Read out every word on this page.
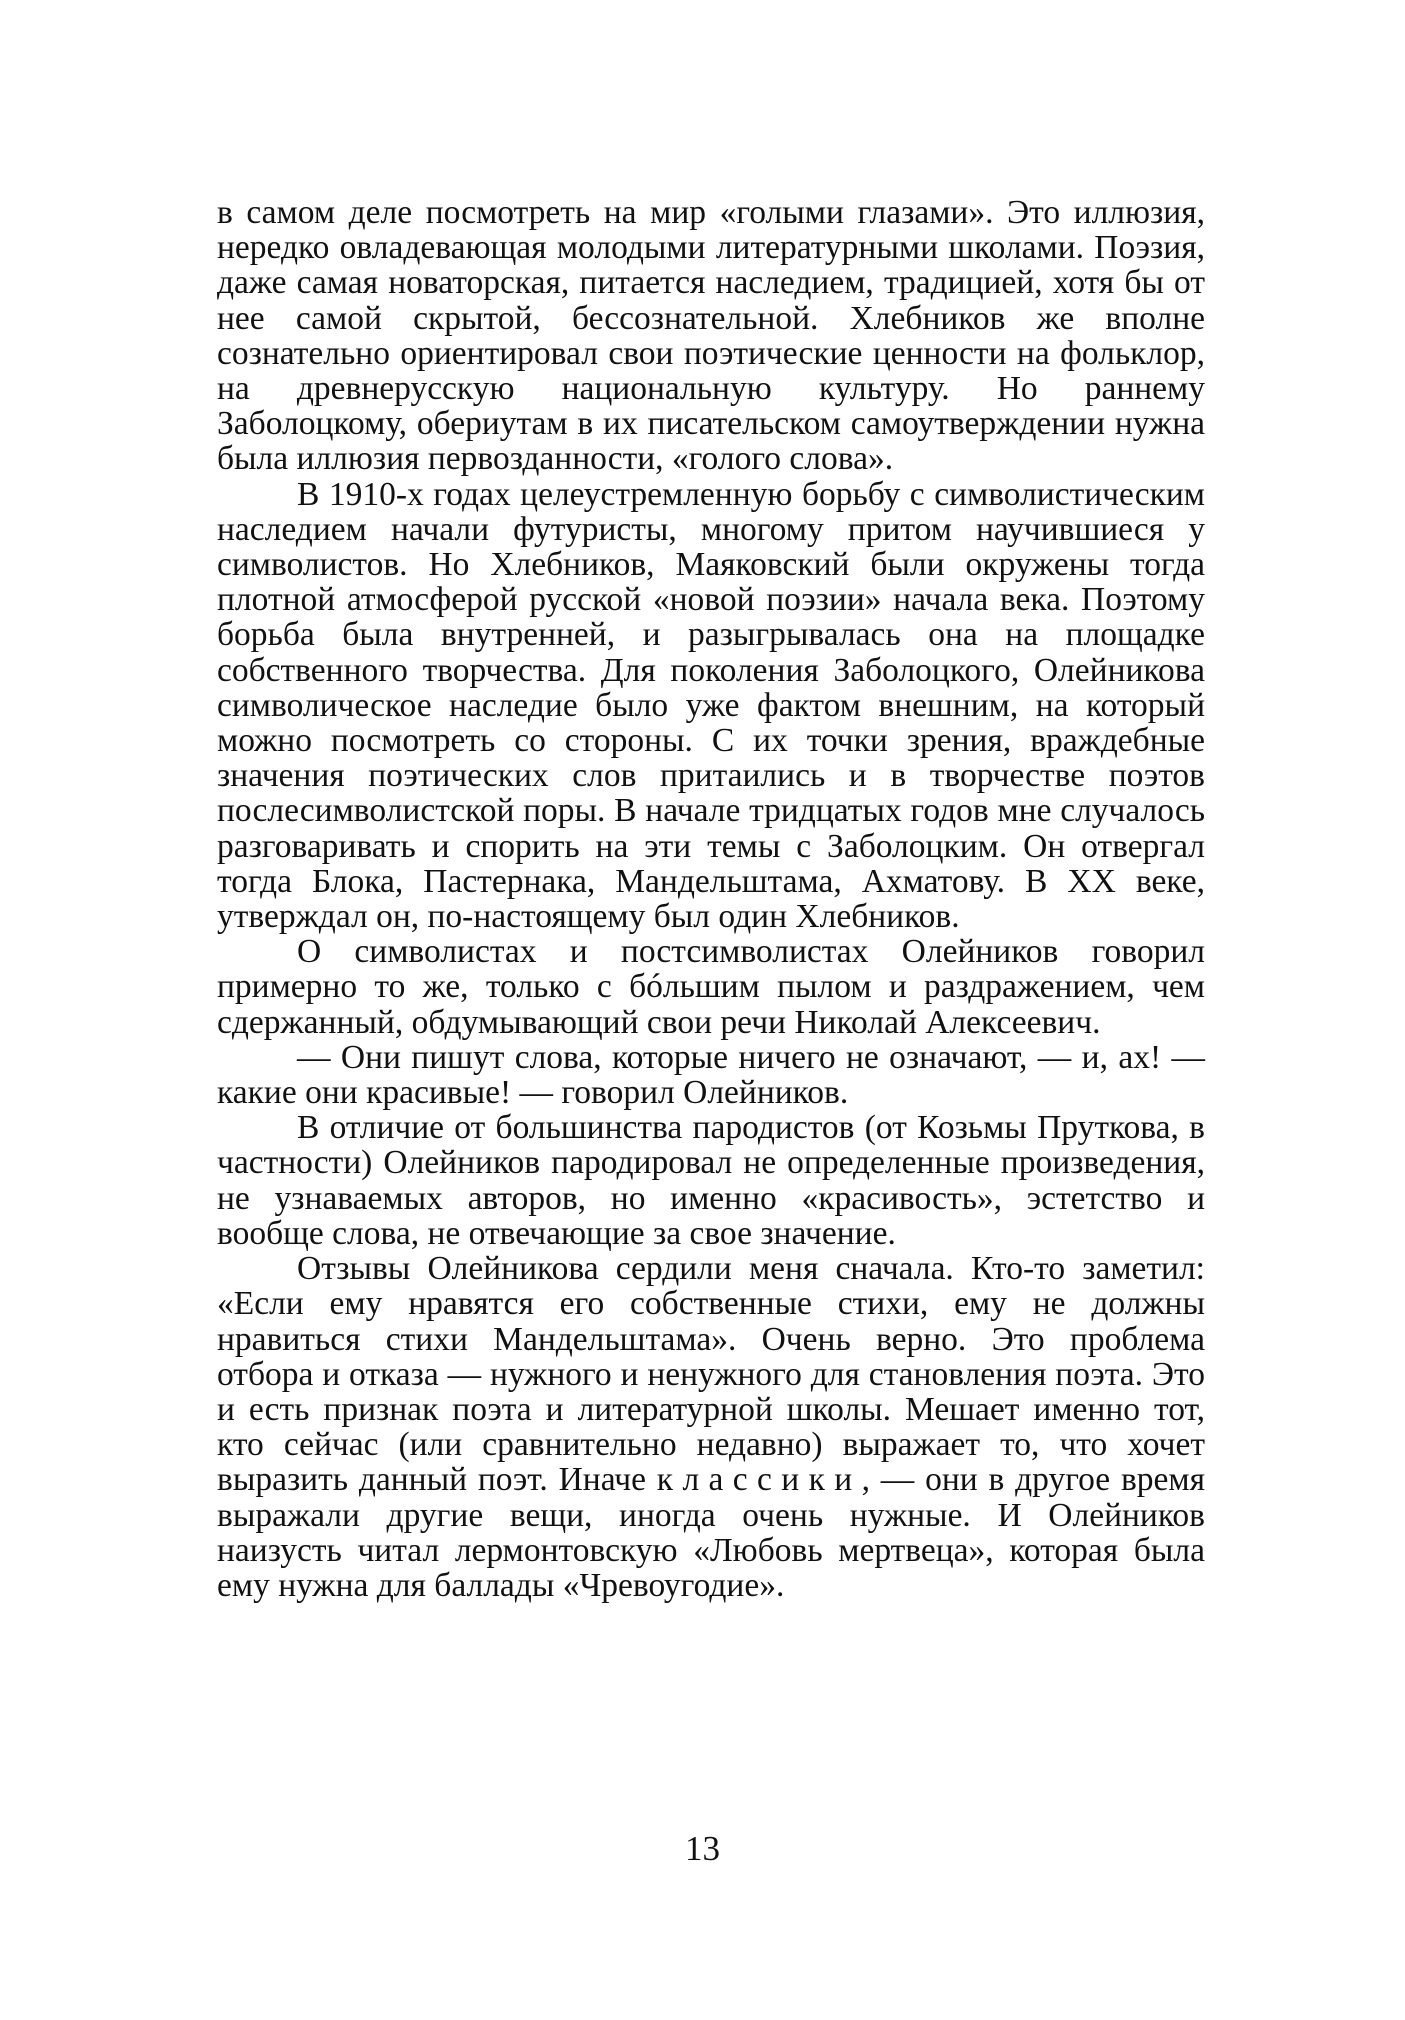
в самом деле посмотреть на мир «голыми глазами». Это иллюзия, нередко овладевающая молодыми литературными школами. Поэзия, даже самая новаторская, питается наследием, традицией, хотя бы от нее самой скрытой, бессознательной. Хлебников же вполне сознательно ориентировал свои поэтические ценности на фольклор, на древнерусскую национальную культуру. Но раннему Заболоцкому, обериутам в их писательском самоутверждении нужна была иллюзия первозданности, «голого слова».

В 1910-х годах целеустремленную борьбу с символистическим наследием начали футуристы, многому притом научившиеся у символистов. Но Хлебников, Маяковский были окружены тогда плотной атмосферой русской «новой поэзии» начала века. Поэтому борьба была внутренней, и разыгрывалась она на площадке собственного творчества. Для поколения Заболоцкого, Олейникова символическое наследие было уже фактом внешним, на который можно посмотреть со стороны. С их точки зрения, враждебные значения поэтических слов притаились и в творчестве поэтов послесимволистской поры. В начале тридцатых годов мне случалось разговаривать и спорить на эти темы с Заболоцким. Он отвергал тогда Блока, Пастернака, Мандельштама, Ахматову. В XX веке, утверждал он, по-настоящему был один Хлебников.

О символистах и постсимволистах Олейников говорил примерно то же, только с бóльшим пылом и раздражением, чем сдержанный, обдумывающий свои речи Николай Алексеевич.

— Они пишут слова, которые ничего не означают, — и, ах! — какие они красивые! — говорил Олейников.

В отличие от большинства пародистов (от Козьмы Пруткова, в частности) Олейников пародировал не определенные произведения, не узнаваемых авторов, но именно «красивость», эстетство и вообще слова, не отвечающие за свое значение.

Отзывы Олейникова сердили меня сначала. Кто-то заметил: «Если ему нравятся его собственные стихи, ему не должны нравиться стихи Мандельштама». Очень верно. Это проблема отбора и отказа — нужного и ненужного для становления поэта. Это и есть признак поэта и литературной школы. Мешает именно тот, кто сейчас (или сравнительно недавно) выражает то, что хочет выразить данный поэт. Иначе классики, — они в другое время выражали другие вещи, иногда очень нужные. И Олейников наизусть читал лермонтовскую «Любовь мертвеца», которая была ему нужна для баллады «Чревоугодие».

13
